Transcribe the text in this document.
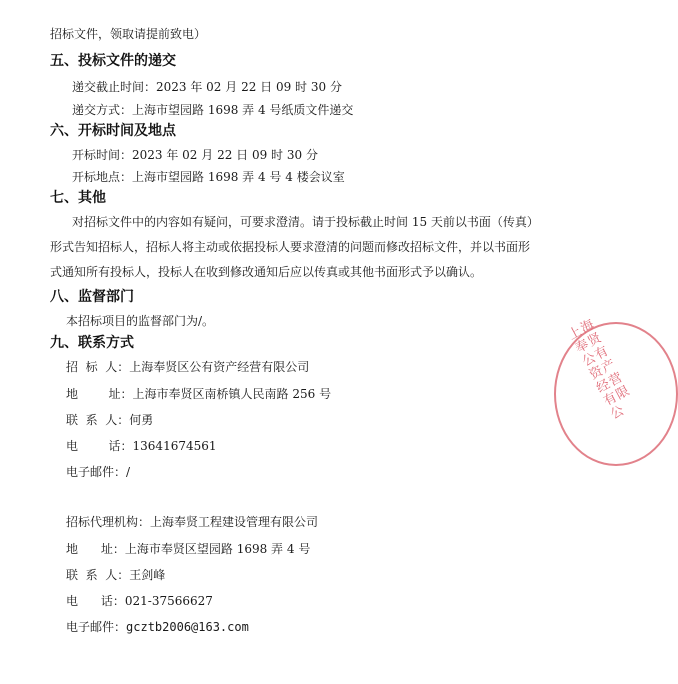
招标文件，领取请提前致电）
五、投标文件的递交
递交截止时间：2023 年 02 月 22 日 09 时 30 分
递交方式：上海市望园路 1698 弄 4 号纸质文件递交
六、开标时间及地点
开标时间：2023 年 02 月 22 日 09 时 30 分
开标地点：上海市望园路 1698 弄 4 号 4 楼会议室
七、其他
对招标文件中的内容如有疑问，可要求澄清。请于投标截止时间 15 天前以书面（传真）
形式告知招标人，招标人将主动或依据投标人要求澄清的问题而修改招标文件，并以书面形
式通知所有投标人，投标人在收到修改通知后应以传真或其他书面形式予以确认。
八、监督部门
本招标项目的监督部门为/。
九、联系方式
招  标  人：上海奉贤区公有资产经营有限公司
地        址：上海市奉贤区南桥镇人民南路 256 号
联  系  人：何勇
电        话：13641674561
电子邮件：/
招标代理机构：上海奉贤工程建设管理有限公司
地      址：上海市奉贤区望园路 1698 弄 4 号
联  系  人：王剑峰
电      话：021-37566627
电子邮件：gcztb2006@163.com
上海奉贤公有资产经营有限公
